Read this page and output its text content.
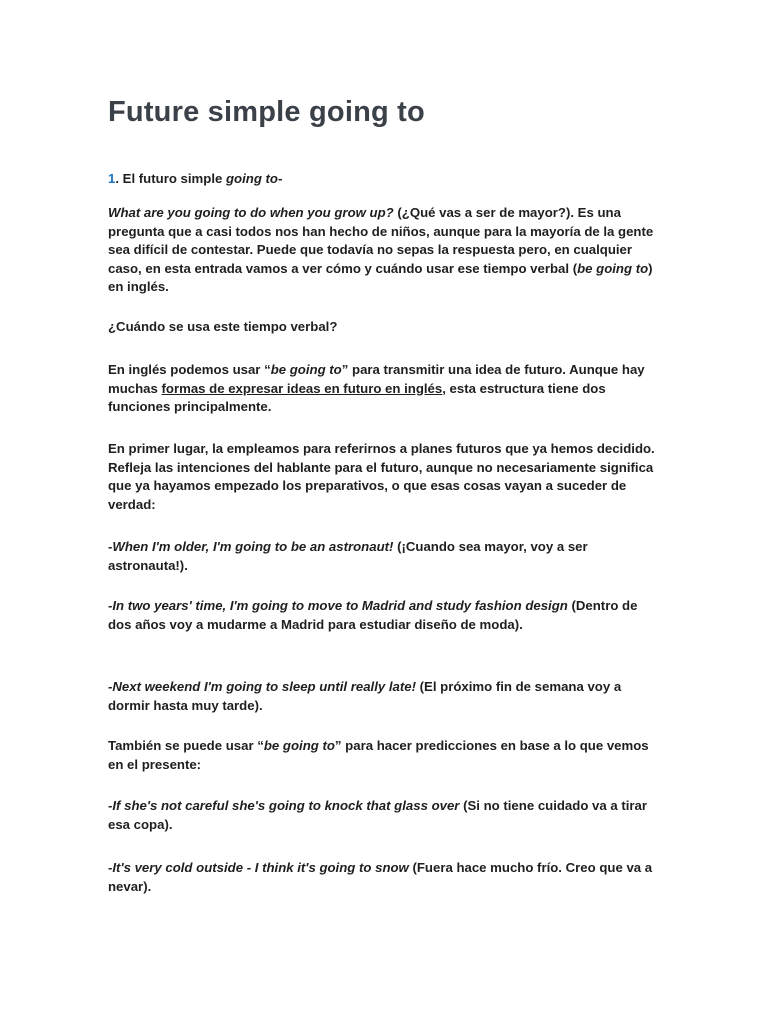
Future simple going to

1. El futuro simple going to-

What are you going to do when you grow up? (¿Qué vas a ser de mayor?). Es una pregunta que a casi todos nos han hecho de niños, aunque para la mayoría de la gente sea difícil de contestar. Puede que todavía no sepas la respuesta pero, en cualquier caso, en esta entrada vamos a ver cómo y cuándo usar ese tiempo verbal (be going to) en inglés.

¿Cuándo se usa este tiempo verbal?

En inglés podemos usar “be going to” para transmitir una idea de futuro. Aunque hay muchas formas de expresar ideas en futuro en inglés, esta estructura tiene dos funciones principalmente.

En primer lugar, la empleamos para referirnos a planes futuros que ya hemos decidido. Refleja las intenciones del hablante para el futuro, aunque no necesariamente significa que ya hayamos empezado los preparativos, o que esas cosas vayan a suceder de verdad:

-When I'm older, I'm going to be an astronaut! (¡Cuando sea mayor, voy a ser astronauta!).

-In two years' time, I'm going to move to Madrid and study fashion design (Dentro de dos años voy a mudarme a Madrid para estudiar diseño de moda).

-Next weekend I'm going to sleep until really late! (El próximo fin de semana voy a dormir hasta muy tarde).

También se puede usar “be going to” para hacer predicciones en base a lo que vemos en el presente:

-If she's not careful she's going to knock that glass over (Si no tiene cuidado va a tirar esa copa).

-It's very cold outside - I think it's going to snow (Fuera hace mucho frío. Creo que va a nevar).
